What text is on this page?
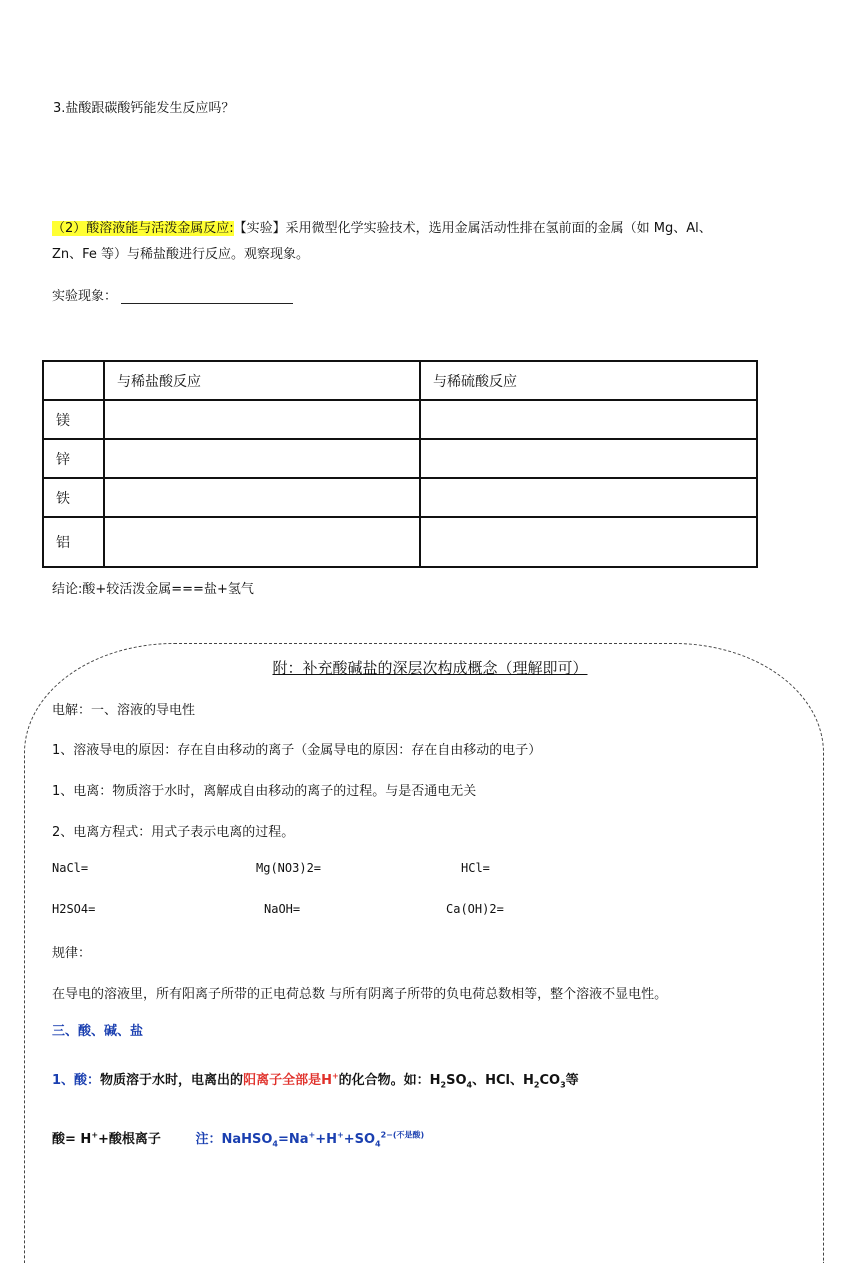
3.盐酸跟碳酸钙能发生反应吗？
（2）酸溶液能与活泼金属反应:【实验】采用微型化学实验技术，选用金属活动性排在氢前面的金属（如 Mg、Al、
Zn、Fe 等）与稀盐酸进行反应。观察现象。
实验现象：
	与稀盐酸反应	与稀硫酸反应
镁		
锌		
铁		
铝		
结论:酸+较活泼金属===盐+氢气
附：补充酸碱盐的深层次构成概念（理解即可）
电解：一、溶液的导电性
1、溶液导电的原因：存在自由移动的离子（金属导电的原因：存在自由移动的电子）
1、电离：物质溶于水时，离解成自由移动的离子的过程。与是否通电无关
2、电离方程式：用式子表示电离的过程。
NaCl=	Mg(NO3)2=	HCl=
H2SO4=	NaOH=	Ca(OH)2=
规律：
在导电的溶液里，所有阳离子所带的正电荷总数 与所有阴离子所带的负电荷总数相等，整个溶液不显电性。
三、酸、碱、盐
1、酸：物质溶于水时，电离出的阳离子全部是H+的化合物。如：$H_2SO_4$、HCl、$H_2CO_3$等
酸= H++酸根离子	注：$NaHSO_4=Na^++H^++SO_4^{2-(不是酸)}$
